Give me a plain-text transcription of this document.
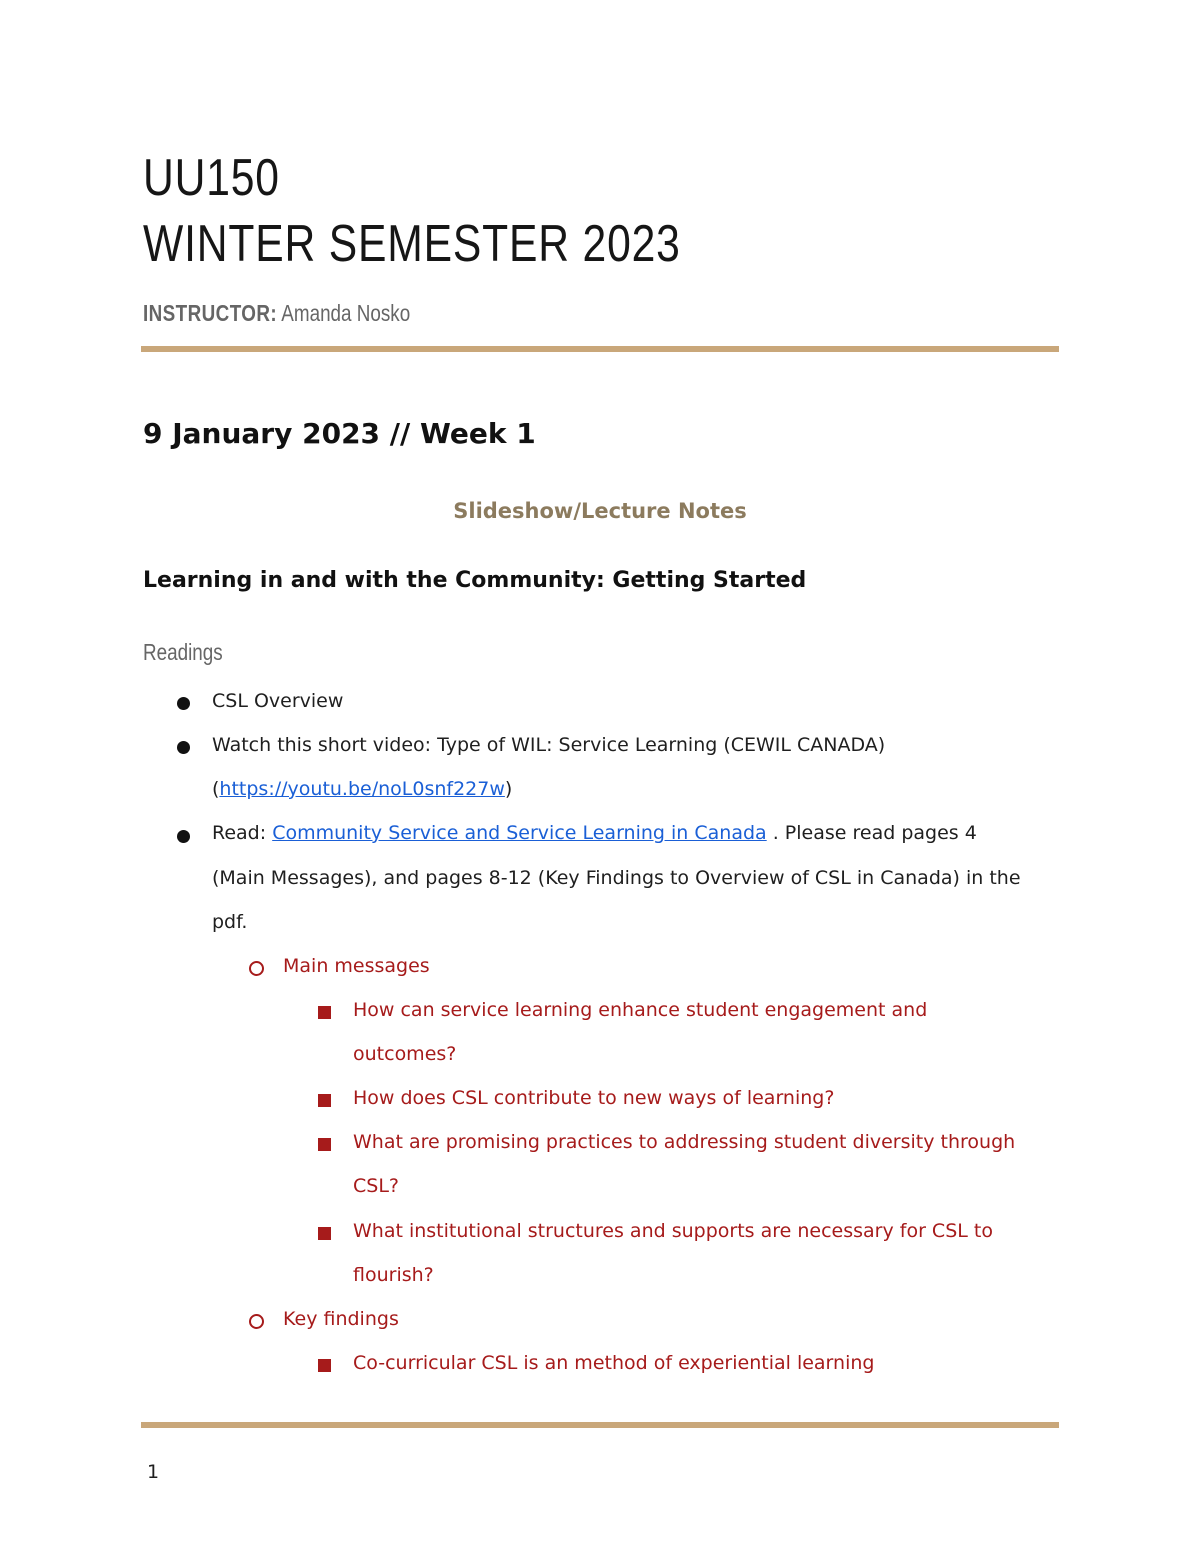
UU150
WINTER SEMESTER 2023
INSTRUCTOR: Amanda Nosko
9 January 2023 // Week 1
Slideshow/Lecture Notes
Learning in and with the Community: Getting Started
Readings
CSL Overview
Watch this short video: Type of WIL: Service Learning (CEWIL CANADA)
(https://youtu.be/noL0snf227w)
Read: Community Service and Service Learning in Canada . Please read pages 4
(Main Messages), and pages 8-12 (Key Findings to Overview of CSL in Canada) in the
pdf.
Main messages
How can service learning enhance student engagement and
outcomes?
How does CSL contribute to new ways of learning?
What are promising practices to addressing student diversity through
CSL?
What institutional structures and supports are necessary for CSL to
flourish?
Key findings
Co-curricular CSL is an method of experiential learning
1
